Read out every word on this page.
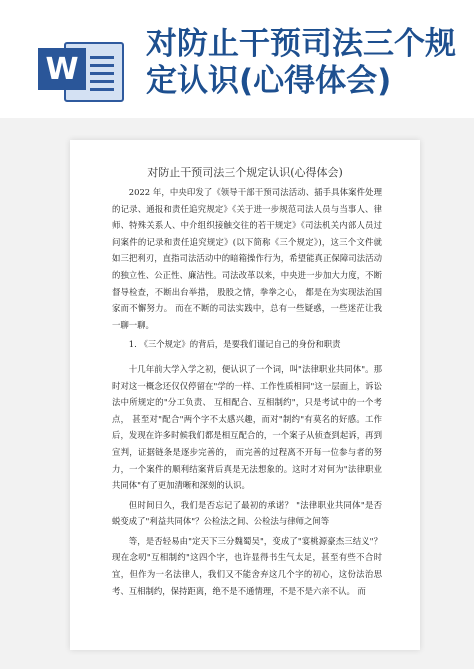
W
对防止干预司法三个规定认识(心得体会)
对防止干预司法三个规定认识(心得体会)

2022 年，中央印发了《领导干部干预司法活动、插手具体案件处理的记录、通报和责任追究规定》《关于进一步规范司法人员与当事人、律师、特殊关系人、中介组织接触交往的若干规定》《司法机关内部人员过问案件的记录和责任追究规定》(以下简称《三个规定》)，这三个文件就如三把利刃，直指司法活动中的暗箱操作行为，希望能真正保障司法活动的独立性、公正性、廉洁性。司法改革以来，中央进一步加大力度，不断督导检查，不断出台举措， 股股之情，拳拳之心， 都是在为实现法治国家而不懈努力。 而在不断的司法实践中，总有一些疑惑，一些迷茫让我一聊一聊。

1. 《三个规定》的背后，是要我们谨记自己的身份和职责

十几年前大学入学之初，便认识了一个词，叫"法律职业共同体"。那时对这一概念还仅仅停留在"学的一样、工作性质相同"这一层面上，诉讼法中所规定的"分工负责、 互相配合、互相制约"，只是考试中的一个考点， 甚至对"配合"两个字不太感兴趣，而对"制约"有莫名的好感。工作后，发现在许多时候我们都是相互配合的，一个案子从侦查到起诉，再到宣判，证据链条是逐步完善的， 而完善的过程离不开每一位参与者的努力，一个案件的顺利结案背后真是无法想象的。这时才对何为"法律职业共同体"有了更加清晰和深刻的认识。

但时间日久，我们是否忘记了最初的承诺？ "法律职业共同体"是否蜕变成了"利益共同体"？公检法之间、公检法与律师之间等

等，是否轻易由"定天下三分魏蜀吴"，变成了"宴桃源豪杰三结义"？现在念叨"互相制约"这四个字，也许显得书生气太足，甚至有些不合时宜，但作为一名法律人，我们又不能舍弃这几个字的初心，这份法治思考、互相制约，保持距离，绝不是不通情理，不是不是六亲不认。 而
